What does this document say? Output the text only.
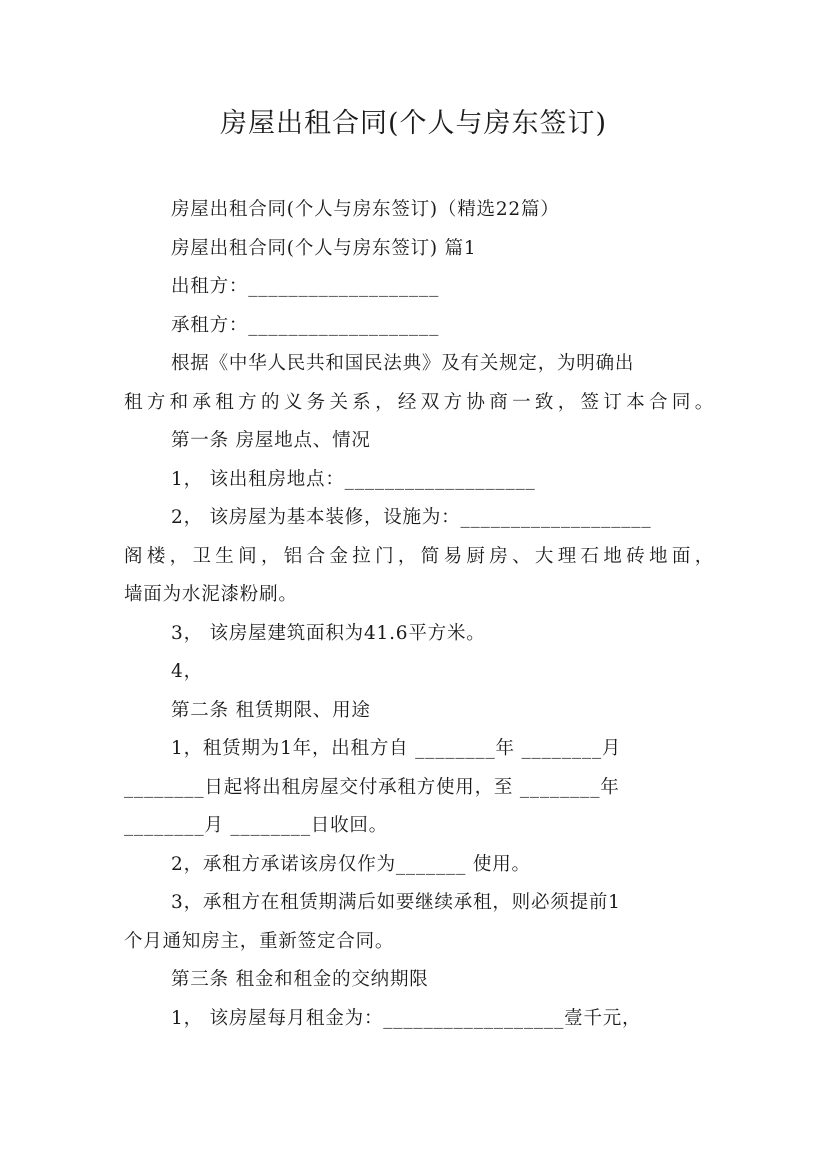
房屋出租合同(个人与房东签订)
房屋出租合同(个人与房东签订)（精选22篇）
房屋出租合同(个人与房东签订) 篇1
出租方：___________________
承租方：___________________
根据《中华人民共和国民法典》及有关规定，为明确出
租方和承租方的义务关系，经双方协商一致，签订本合同。
第一条 房屋地点、情况
1， 该出租房地点：___________________
2， 该房屋为基本装修，设施为：___________________
阁楼，卫生间，铝合金拉门，简易厨房、大理石地砖地面，
墙面为水泥漆粉刷。
3， 该房屋建筑面积为41.6平方米。
4，
第二条 租赁期限、用途
1，租赁期为1年，出租方自 ________年 ________月
________日起将出租房屋交付承租方使用，至 ________年
________月 ________日收回。
2，承租方承诺该房仅作为_______ 使用。
3，承租方在租赁期满后如要继续承租，则必须提前1
个月通知房主，重新签定合同。
第三条 租金和租金的交纳期限
1， 该房屋每月租金为：__________________壹千元，
